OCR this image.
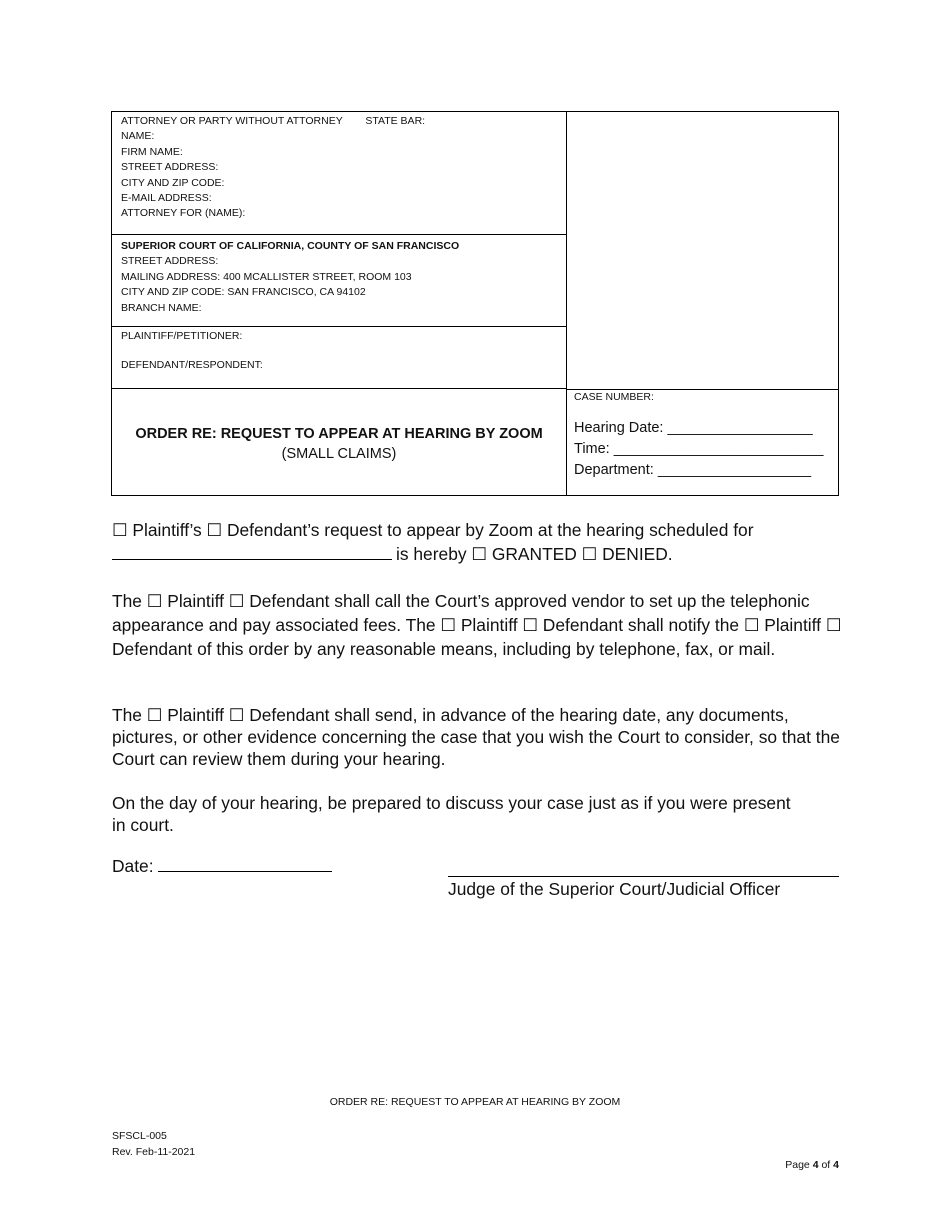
ATTORNEY OR PARTY WITHOUT ATTORNEY STATE BAR:
NAME:
FIRM NAME:
STREET ADDRESS:
CITY AND ZIP CODE:
E-MAIL ADDRESS:
ATTORNEY FOR (NAME):
SUPERIOR COURT OF CALIFORNIA, COUNTY OF SAN FRANCISCO
STREET ADDRESS:
MAILING ADDRESS: 400 MCALLISTER STREET, ROOM 103
CITY AND ZIP CODE: SAN FRANCISCO, CA 94102
BRANCH NAME:
PLAINTIFF/PETITIONER:
DEFENDANT/RESPONDENT:
ORDER RE: REQUEST TO APPEAR AT HEARING BY ZOOM
(SMALL CLAIMS)
CASE NUMBER:
Hearing Date: __________________
Time: __________________________
Department: ___________________
☐ Plaintiff’s ☐ Defendant’s request to appear by Zoom at the hearing scheduled for
is hereby ☐ GRANTED ☐ DENIED.
The ☐ Plaintiff ☐ Defendant shall call the Court’s approved vendor to set up the telephonic appearance and pay associated fees. The ☐ Plaintiff ☐ Defendant shall notify the ☐ Plaintiff ☐ Defendant of this order by any reasonable means, including by telephone, fax, or mail.
The ☐ Plaintiff ☐ Defendant shall send, in advance of the hearing date, any documents, pictures, or other evidence concerning the case that you wish the Court to consider, so that the Court can review them during your hearing.
On the day of your hearing, be prepared to discuss your case just as if you were present in court.
Date:
Judge of the Superior Court/Judicial Officer
ORDER RE: REQUEST TO APPEAR AT HEARING BY ZOOM
SFSCL-005
Rev. Feb-11-2021
Page 4 of 4
